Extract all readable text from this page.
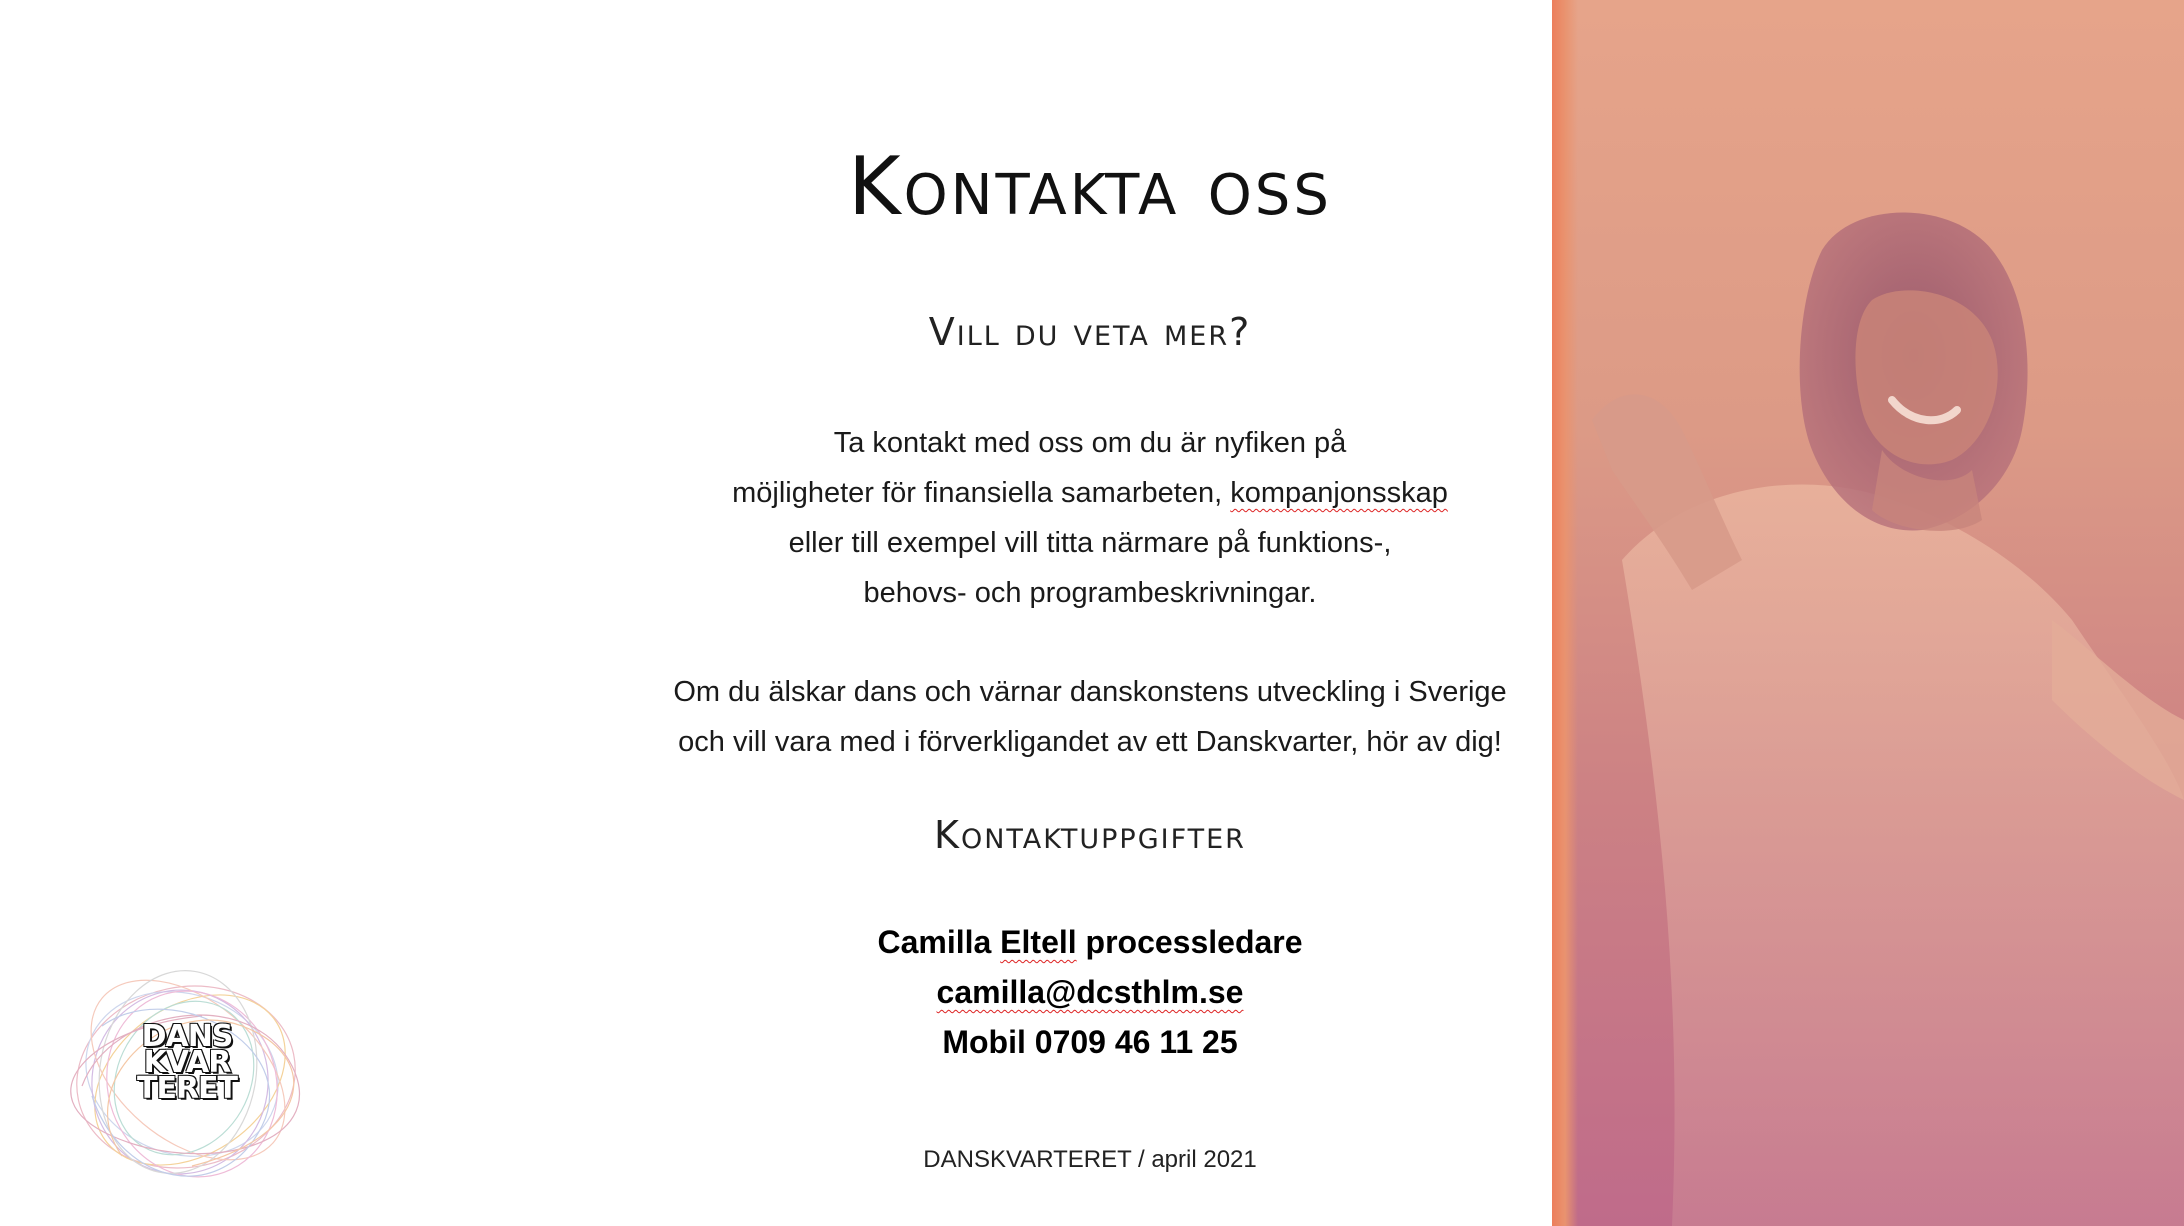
Kontakta oss
Vill du veta mer?
Ta kontakt med oss om du är nyfiken på
möjligheter för finansiella samarbeten, kompanjonsskap
eller till exempel vill titta närmare på funktions-,
behovs- och programbeskrivningar.
Om du älskar dans och värnar danskonstens utveckling i Sverige
och vill vara med i förverkligandet av ett Danskvarter, hör av dig!
Kontaktuppgifter
Camilla Eltell processledare
camilla@dcsthlm.se
Mobil 0709 46 11 25
DANSKVARTERET / april 2021
DANS
KVAR
TERET
